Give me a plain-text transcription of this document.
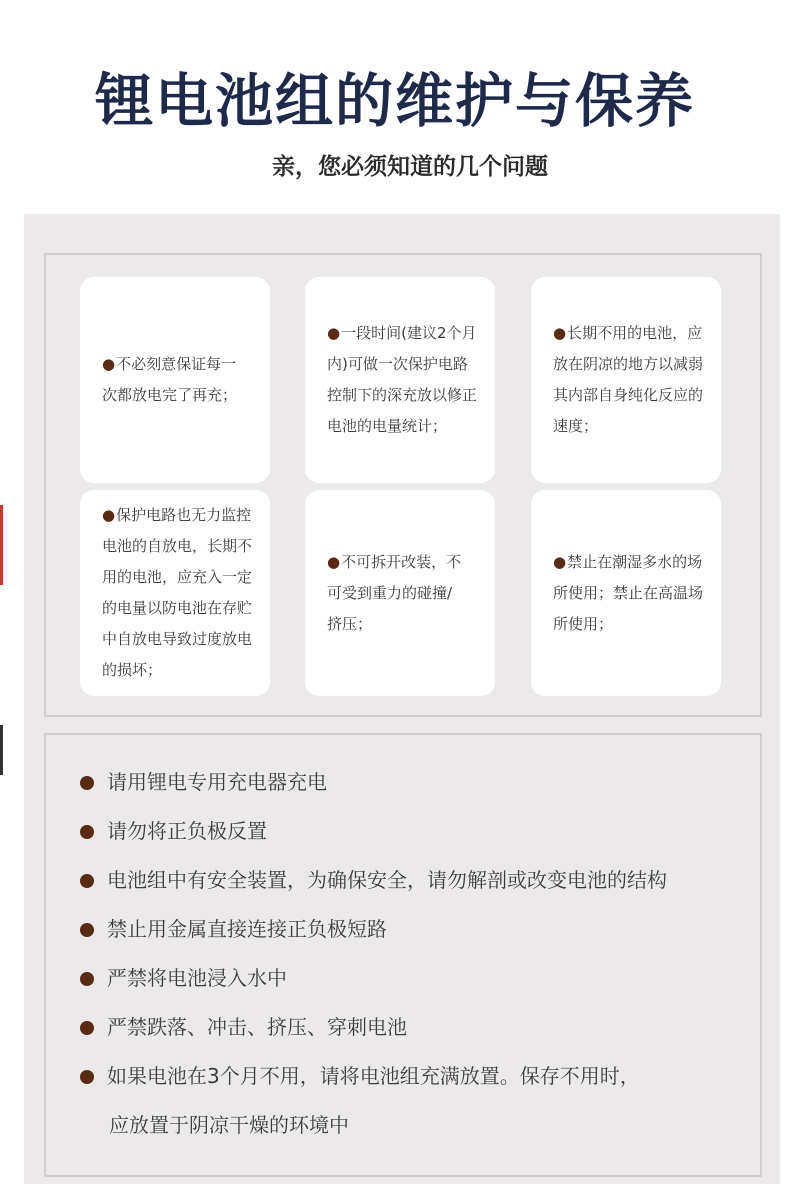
锂电池组的维护与保养
亲，您必须知道的几个问题
●不必刻意保证每一次都放电完了再充；
●一段时间(建议2个月内)可做一次保护电路控制下的深充放以修正电池的电量统计；
●长期不用的电池，应放在阴凉的地方以减弱其内部自身纯化反应的速度；
●保护电路也无力监控电池的自放电，长期不用的电池，应充入一定的电量以防电池在存贮中自放电导致过度放电的损坏；
●不可拆开改装，不可受到重力的碰撞/挤压；
●禁止在潮湿多水的场所使用；禁止在高温场所使用；
请用锂电专用充电器充电
请勿将正负极反置
电池组中有安全装置，为确保安全，请勿解剖或改变电池的结构
禁止用金属直接连接正负极短路
严禁将电池浸入水中
严禁跌落、冲击、挤压、穿刺电池
如果电池在3个月不用，请将电池组充满放置。保存不用时，
应放置于阴凉干燥的环境中
